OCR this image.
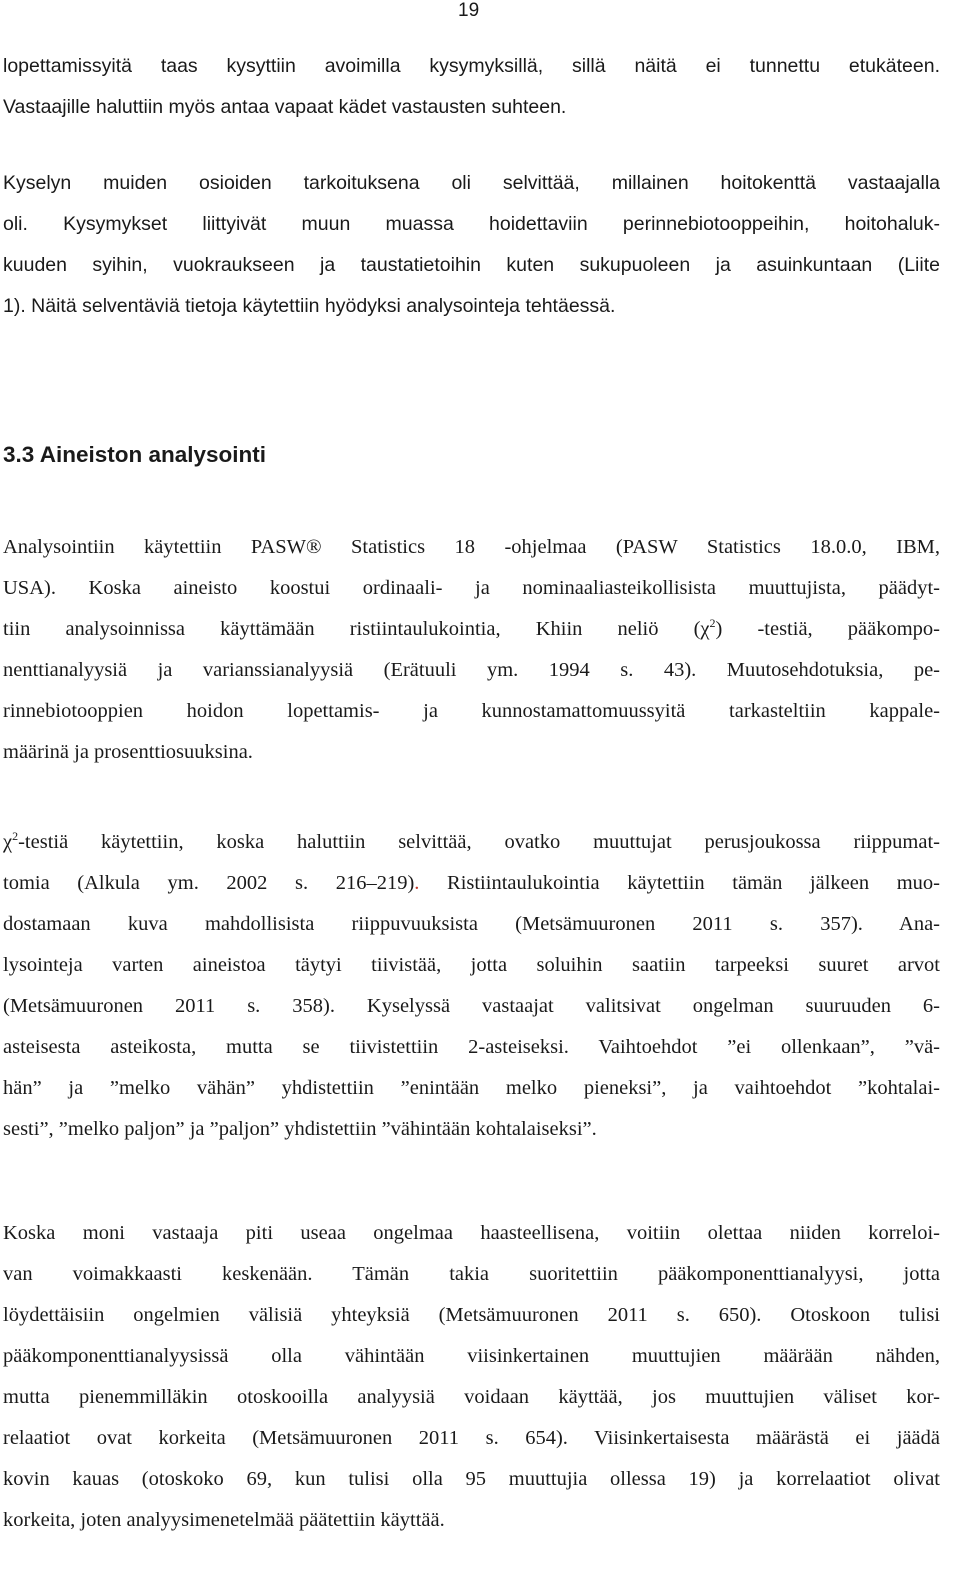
19
lopettamissyitä taas kysyttiin avoimilla kysymyksillä, sillä näitä ei tunnettu etukäteen.
Vastaajille haluttiin myös antaa vapaat kädet vastausten suhteen.
Kyselyn muiden osioiden tarkoituksena oli selvittää, millainen hoitokenttä vastaajalla
oli. Kysymykset liittyivät muun muassa hoidettaviin perinnebiotooppeihin, hoitohaluk-
kuuden syihin, vuokraukseen ja taustatietoihin kuten sukupuoleen ja asuinkuntaan (Liite
1). Näitä selventäviä tietoja käytettiin hyödyksi analysointeja tehtäessä.
3.3 Aineiston analysointi
Analysointiin käytettiin PASW® Statistics 18 -ohjelmaa (PASW Statistics 18.0.0, IBM,
USA). Koska aineisto koostui ordinaali- ja nominaaliasteikollisista muuttujista, päädyt-
tiin analysoinnissa käyttämään ristiintaulukointia, Khiin neliö $(\chi^2)$ -testiä, pääkompo-
nenttianalyysiä ja varianssianalyysiä (Erätuuli ym. 1994 s. 43). Muutosehdotuksia, pe-
rinnebiotooppien hoidon lopettamis- ja kunnostamattomuussyitä tarkasteltiin kappale-
määrinä ja prosenttiosuuksina.
$\chi^2$-testiä käytettiin, koska haluttiin selvittää, ovatko muuttujat perusjoukossa riippumat-
tomia (Alkula ym. 2002 s. 216–219). Ristiintaulukointia käytettiin tämän jälkeen muo-
dostamaan kuva mahdollisista riippuvuuksista (Metsämuuronen 2011 s. 357). Ana-
lysointeja varten aineistoa täytyi tiivistää, jotta soluihin saatiin tarpeeksi suuret arvot
(Metsämuuronen 2011 s. 358). Kyselyssä vastaajat valitsivat ongelman suuruuden 6-
asteisesta asteikosta, mutta se tiivistettiin 2-asteiseksi. Vaihtoehdot ”ei ollenkaan”, ”vä-
hän” ja ”melko vähän” yhdistettiin ”enintään melko pieneksi”, ja vaihtoehdot ”kohtalai-
sesti”, ”melko paljon” ja ”paljon” yhdistettiin ”vähintään kohtalaiseksi”.
Koska moni vastaaja piti useaa ongelmaa haasteellisena, voitiin olettaa niiden korreloi-
van voimakkaasti keskenään. Tämän takia suoritettiin pääkomponenttianalyysi, jotta
löydettäisiin ongelmien välisiä yhteyksiä (Metsämuuronen 2011 s. 650). Otoskoon tulisi
pääkomponenttianalyysissä olla vähintään viisinkertainen muuttujien määrään nähden,
mutta pienemmilläkin otoskooilla analyysiä voidaan käyttää, jos muuttujien väliset kor-
relaatiot ovat korkeita (Metsämuuronen 2011 s. 654). Viisinkertaisesta määrästä ei jäädä
kovin kauas (otoskoko 69, kun tulisi olla 95 muuttujia ollessa 19) ja korrelaatiot olivat
korkeita, joten analyysimenetelmää päätettiin käyttää.
